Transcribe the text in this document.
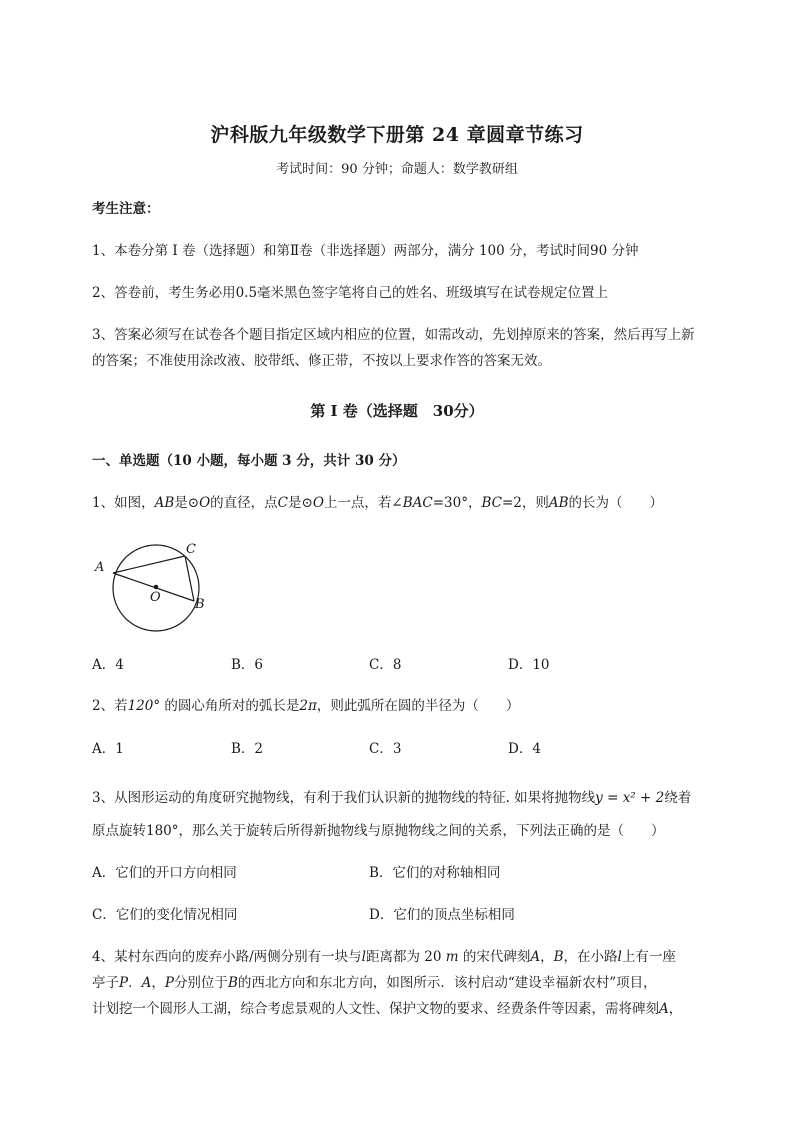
沪科版九年级数学下册第 24 章圆章节练习
考试时间：90 分钟；命题人：数学教研组
考生注意：
1、本卷分第 I 卷（选择题）和第Ⅱ卷（非选择题）两部分，满分 100 分，考试时间90 分钟
2、答卷前，考生务必用0.5毫米黑色签字笔将自己的姓名、班级填写在试卷规定位置上
3、答案必须写在试卷各个题目指定区域内相应的位置，如需改动，先划掉原来的答案，然后再写上新
的答案；不准使用涂改液、胶带纸、修正带，不按以上要求作答的答案无效。
第 I 卷（选择题　30分）
一、单选题（10 小题，每小题 3 分，共计 30 分）
1、如图，AB是⊙O的直径，点C是⊙O上一点，若∠BAC=30°，BC=2，则AB的长为（　　）
A
C
B
O
A．4	B．6	C．8	D．10
2、若120° 的圆心角所对的弧长是2π，则此弧所在圆的半径为（　　）
A．1	B．2	C．3	D．4
3、从图形运动的角度研究抛物线，有利于我们认识新的抛物线的特征. 如果将抛物线y = x² + 2绕着
原点旋转180°，那么关于旋转后所得新抛物线与原抛物线之间的关系，下列法正确的是（　　）
A．它们的开口方向相同	B．它们的对称轴相同
C．它们的变化情况相同	D．它们的顶点坐标相同
4、某村东西向的废弃小路/两侧分别有一块与l距离都为 20 m 的宋代碑刻A，B，在小路l上有一座
亭子P．A，P分别位于B的西北方向和东北方向，如图所示．该村启动“建设幸福新农村”项目，
计划挖一个圆形人工湖，综合考虑景观的人文性、保护文物的要求、经费条件等因素，需将碑刻A，
